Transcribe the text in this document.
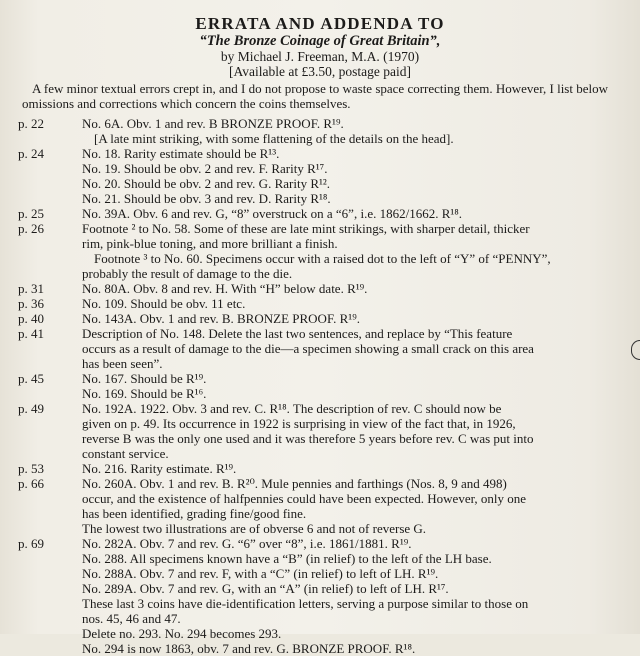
ERRATA AND ADDENDA TO
“The Bronze Coinage of Great Britain”,
by Michael J. Freeman, M.A. (1970)
[Available at £3.50, postage paid]
A few minor textual errors crept in, and I do not propose to waste space correcting them. However, I list below omissions and corrections which concern the coins themselves.
p. 22	No. 6A. Obv. 1 and rev. B BRONZE PROOF. R¹⁹.
[A late mint striking, with some flattening of the details on the head].
p. 24	No. 18. Rarity estimate should be R¹³.
No. 19. Should be obv. 2 and rev. F. Rarity R¹⁷.
No. 20. Should be obv. 2 and rev. G. Rarity R¹².
No. 21. Should be obv. 3 and rev. D. Rarity R¹⁸.
p. 25	No. 39A. Obv. 6 and rev. G, “8” overstruck on a “6”, i.e. 1862/1662. R¹⁸.
p. 26	Footnote ² to No. 58. Some of these are late mint strikings, with sharper detail, thicker
rim, pink-blue toning, and more brilliant a finish.
Footnote ³ to No. 60. Specimens occur with a raised dot to the left of “Y” of “PENNY”,
probably the result of damage to the die.
p. 31	No. 80A. Obv. 8 and rev. H. With “H” below date. R¹⁹.
p. 36	No. 109. Should be obv. 11 etc.
p. 40	No. 143A. Obv. 1 and rev. B. BRONZE PROOF. R¹⁹.
p. 41	Description of No. 148. Delete the last two sentences, and replace by “This feature
occurs as a result of damage to the die—a specimen showing a small crack on this area
has been seen”.
p. 45	No. 167. Should be R¹⁹.
No. 169. Should be R¹⁶.
p. 49	No. 192A. 1922. Obv. 3 and rev. C. R¹⁸. The description of rev. C should now be
given on p. 49. Its occurrence in 1922 is surprising in view of the fact that, in 1926,
reverse B was the only one used and it was therefore 5 years before rev. C was put into
constant service.
p. 53	No. 216. Rarity estimate. R¹⁹.
p. 66	No. 260A. Obv. 1 and rev. B. R²⁰. Mule pennies and farthings (Nos. 8, 9 and 498)
occur, and the existence of halfpennies could have been expected. However, only one
has been identified, grading fine/good fine.
The lowest two illustrations are of obverse 6 and not of reverse G.
p. 69	No. 282A. Obv. 7 and rev. G. “6” over “8”, i.e. 1861/1881. R¹⁹.
No. 288. All specimens known have a “B” (in relief) to the left of the LH base.
No. 288A. Obv. 7 and rev. F, with a “C” (in relief) to left of LH. R¹⁹.
No. 289A. Obv. 7 and rev. G, with an “A” (in relief) to left of LH. R¹⁷.
These last 3 coins have die-identification letters, serving a purpose similar to those on
nos. 45, 46 and 47.
Delete no. 293. No. 294 becomes 293.
No. 294 is now 1863, obv. 7 and rev. G. BRONZE PROOF. R¹⁸.
